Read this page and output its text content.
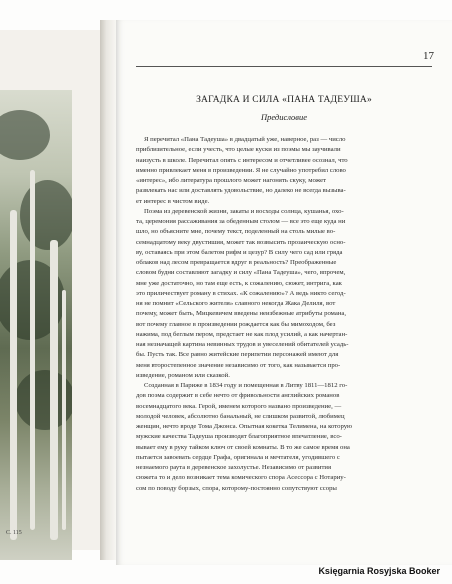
С. 115
17
ЗАГАДКА И СИЛА «ПАНА ТАДЕУША»
Предисловие
Я перечитал «Пана Тадеуша» в двадцатый уже, наверное, раз — число
приблизительное, если учесть, что целые куски из поэмы мы заучивали
наизусть в школе. Перечитал опять с интересом и отчетливее осознал, что
именно привлекает меня в произведении. Я не случайно употребил слово
«интерес», ибо литература прошлого может нагонять скуку, может
развлекать нас или доставлять удовольствие, но далеко не всегда вызыва-
ет интерес в чистом виде.
Поэма из деревенской жизни, закаты и восходы солнца, кушанья, охо-
та, церемония рассаживания за обеденным столом — все это еще куда ни
шло, но объясните мне, почему текст, поделенный на столь милые во-
семнадцатому веку двустишия, может так возвысить прозаическую осно-
ву, оставаясь при этом балетом рифм и цезур? В силу чего сад или гряда
облаков над лесом превращается вдруг в реальность? Преображенные
словом будни составляют загадку и силу «Пана Тадеуша», чего, впрочем,
мне уже достаточно, но там еще есть, к сожалению, сюжет, интрига, как
это приличествует роману в стихах. «К сожалению»? А ведь никто сегод-
ня не помнит «Сельского жителя» славного некогда Жака Делиля, вот
почему, может быть, Мицкевичем введены неизбежные атрибуты романа,
вот почему главное в произведении рождается как бы мимоходом, без
нажима, под беглым пером, предстает не как плод усилий, а как начертан-
ная незначащей картина невинных трудов и увеселений обитателей усадь-
бы. Пусть так. Все равно житейские перипетии персонажей имеют для
меня второстепенное значение независимо от того, как называется про-
изведение, романом или сказкой.
Созданная в Париже в 1834 году и помещенная в Литву 1811—1812 го-
дов поэма содержит в себе нечто от фривольности английских романов
восемнадцатого века. Герой, именем которого названо произведение, —
молодой человек, абсолютно банальный, не слишком развитой, любимец
женщин, нечто вроде Тома Джонса. Опытная кокетка Телимена, на которую
мужские качества Тадеуша производят благоприятное впечатление, всо-
вывает ему в руку тайком ключ от своей комнаты. В то же самое время она
пытается завоевать сердце Графа, оригинала и мечтателя, угодившего с
незнаемого раута в деревенское захолустье. Независимо от развития
сюжета то и дело возникает тема комического спора Асессора с Нотариу-
сом по поводу борзых, спора, которому-постоянно сопутствуют ссоры
Księgarnia Rosyjska Booker
